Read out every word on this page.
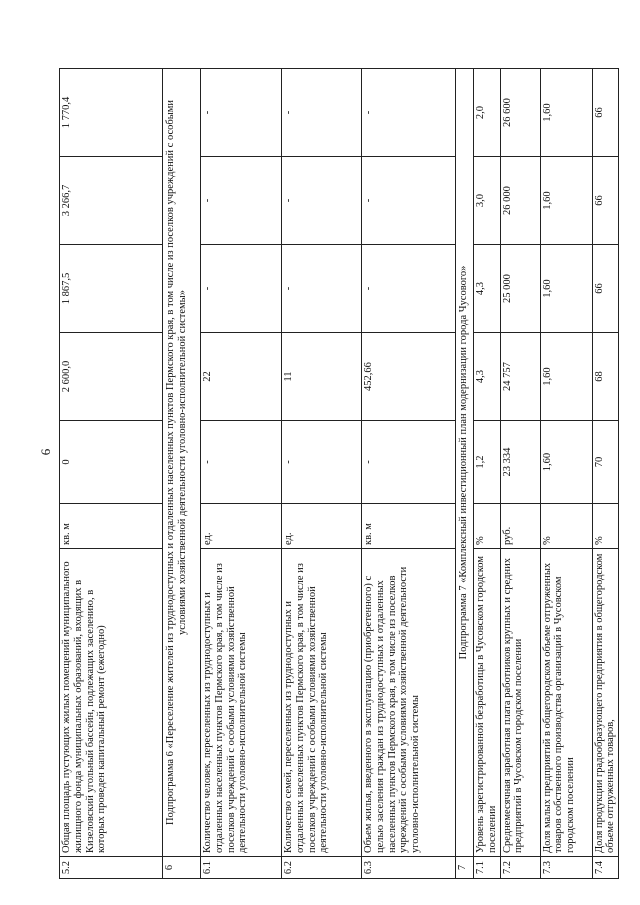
6
5.2	Общая площадь пустующих жилых помещений муниципального жилищного фонда муниципальных образований, входящих в Кизеловский угольный бассейн, подлежащих заселению, в которых проведен капитальный ремонт (ежегодно)	кв. м	0	2 600,0	1 867,5	3 266,7	1 770,4
6	Подпрограмма 6 «Переселение жителей из труднодоступных и отдаленных населенных пунктов Пермского края, в том числе из поселков учреждений с особыми условиями хозяйственной деятельности уголовно-исполнительной системы»						
6.1	Количество человек, переселенных из труднодоступных и отдаленных населенных пунктов Пермского края, в том числе из поселков учреждений с особыми условиями хозяйственной деятельности уголовно-исполнительной системы	ед.	-	22	-	-	-
6.2	Количество семей, переселенных из труднодоступных и отдаленных населенных пунктов Пермского края, в том числе из поселков учреждений с особыми условиями хозяйственной деятельности уголовно-исполнительной системы	ед.	-	11	-	-	-
6.3	Объем жилья, введенного в эксплуатацию (приобретенного) с целью заселения граждан из труднодоступных и отдаленных населенных пунктов Пермского края, в том числе из поселков учреждений с особыми условиями хозяйственной деятельности уголовно-исполнительной системы	кв. м	-	452,66	-	-	-
7	Подпрограмма 7 «Комплексный инвестиционный план модернизации города Чусового»						
7.1	Уровень зарегистрированной безработицы в Чусовском городском поселении	%	1,2	4,3	4,3	3,0	2,0
7.2	Среднемесячная заработная плата работников крупных и средних предприятий в Чусовском городском поселении	руб.	23 334	24 757	25 000	26 000	26 600
7.3	Доля малых предприятий в общегородском объеме отгруженных товаров собственного производства организаций в Чусовском городском поселении	%	1,60	1,60	1,60	1,60	1,60
7.4	Доля продукции градообразующего предприятия в общегородском объеме отгруженных товаров,	%	70	68	66	66	66
